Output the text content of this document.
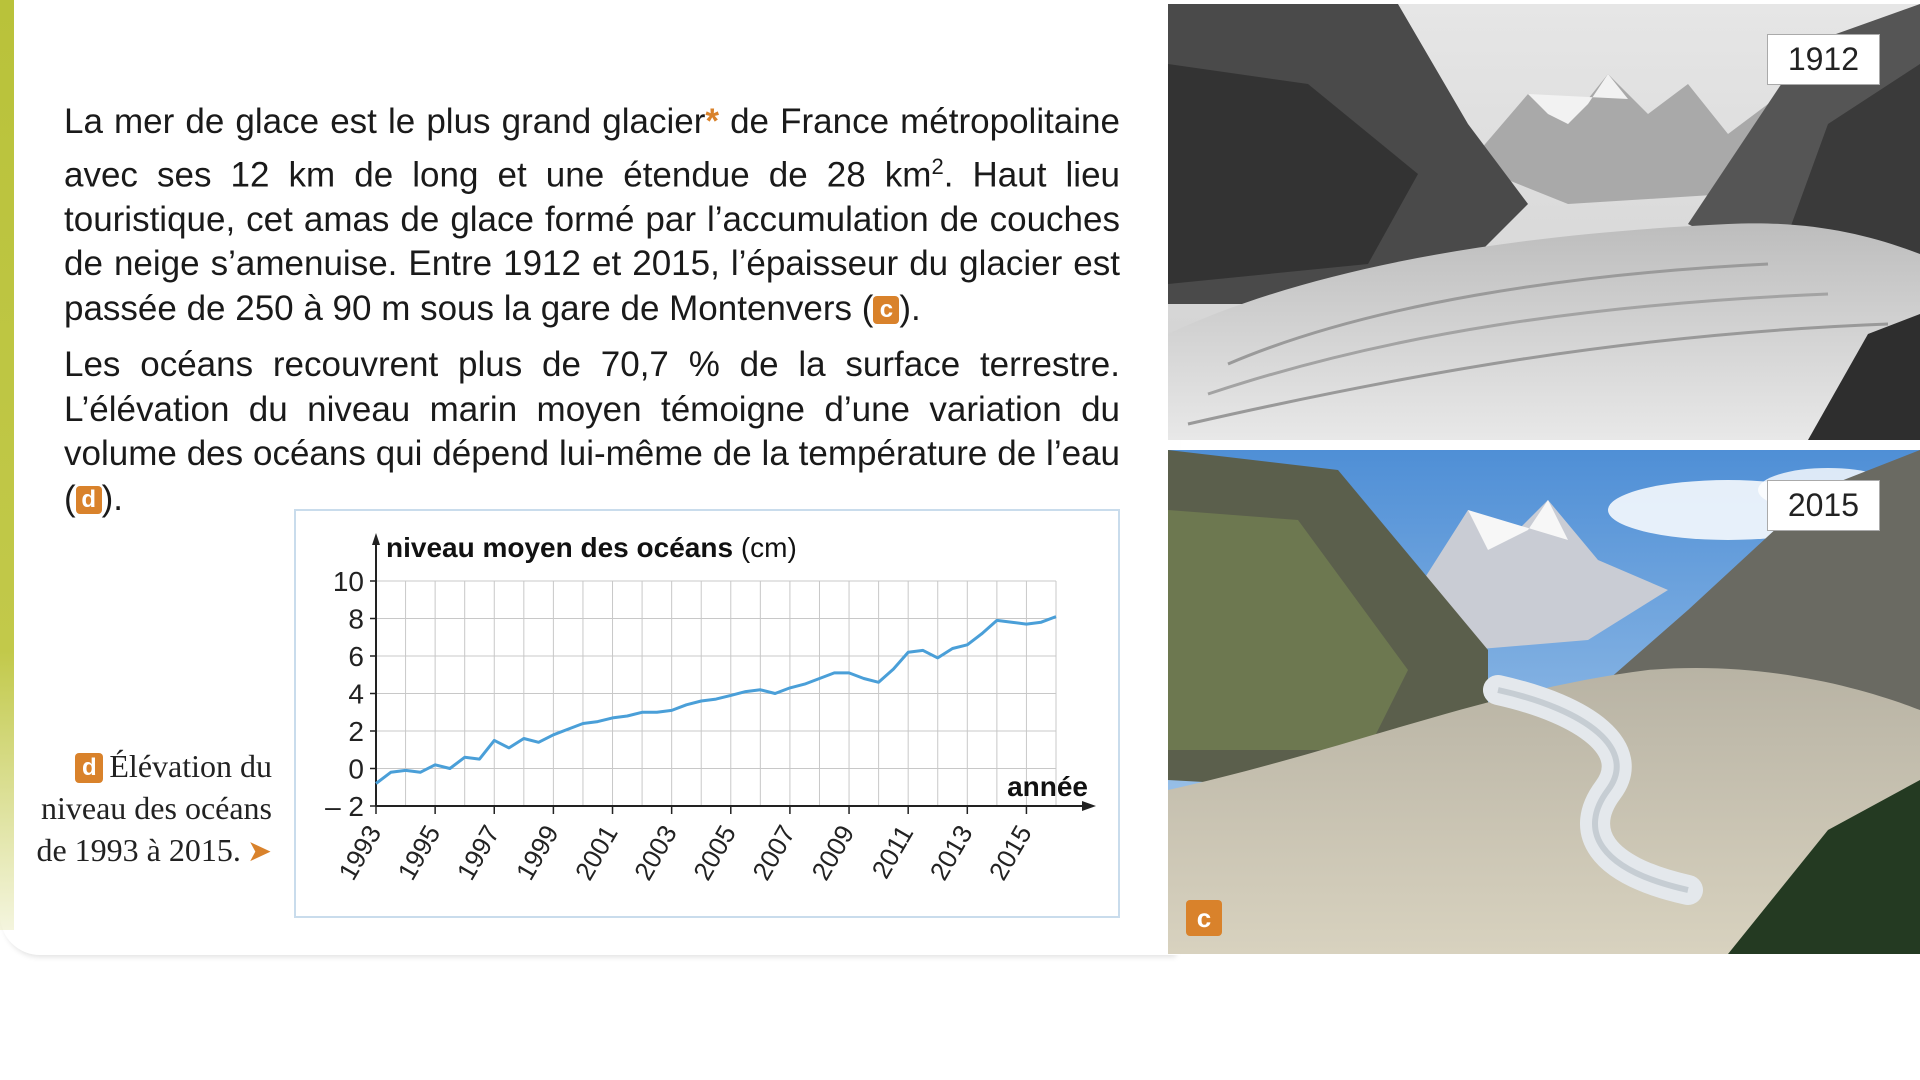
La mer de glace est le plus grand glacier* de France métropolitaine avec ses 12 km de long et une étendue de 28 $km^2$. Haut lieu touristique, cet amas de glace formé par l’accumulation de couches de neige s’amenuise. Entre 1912 et 2015, l’épaisseur du glacier est passée de 250 à 90 m sous la gare de Montenvers ( c ).

Les océans recouvrent plus de 70,7 % de la surface terrestre. L’élévation du niveau marin moyen témoigne d’une variation du volume des océans qui dépend lui-même de la température de l’eau ( d ).

d Élévation du niveau des océans de 1993 à 2015. ➤
10
8
6
4
2
0
– 2
1993 1995 1997 1999 2001 2003 2005 2007 2009 2011 2013 2015
niveau moyen des océans (cm)
année
1912
2015
c
